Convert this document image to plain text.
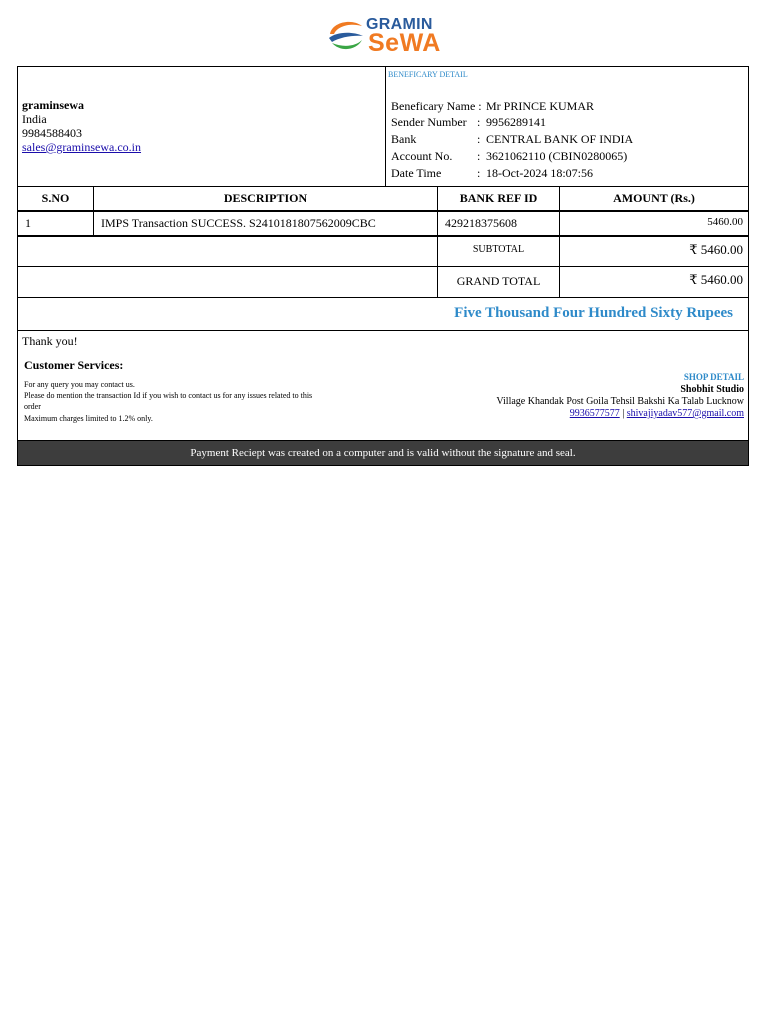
GRAMIN
SeWA
graminsewa
India
9984588403
sales@graminsewa.co.in
BENEFICARY DETAIL
Beneficary Name : Mr PRINCE KUMAR
Sender Number : 9956289141
Bank	: CENTRAL BANK OF INDIA
Account No. : 3621062110 (CBIN0280065)
Date Time	: 18-Oct-2024 18:07:56
S.NO	DESCRIPTION	BANK REF ID	AMOUNT (Rs.)
1	IMPS Transaction SUCCESS. S2410181807562009CBC	429218375608	5460.00
SUBTOTAL	₹ 5460.00
GRAND TOTAL	₹ 5460.00
Five Thousand Four Hundred Sixty Rupees
Thank you!
Customer Services:
For any query you may contact us.
Please do mention the transaction Id if you wish to contact us for any issues related to this
order
Maximum charges limited to 1.2% only.
SHOP DETAIL
Shobhit Studio
Village Khandak Post Goila Tehsil Bakshi Ka Talab Lucknow
9936577577 | shivajiyadav577@gmail.com
Payment Reciept was created on a computer and is valid without the signature and seal.
